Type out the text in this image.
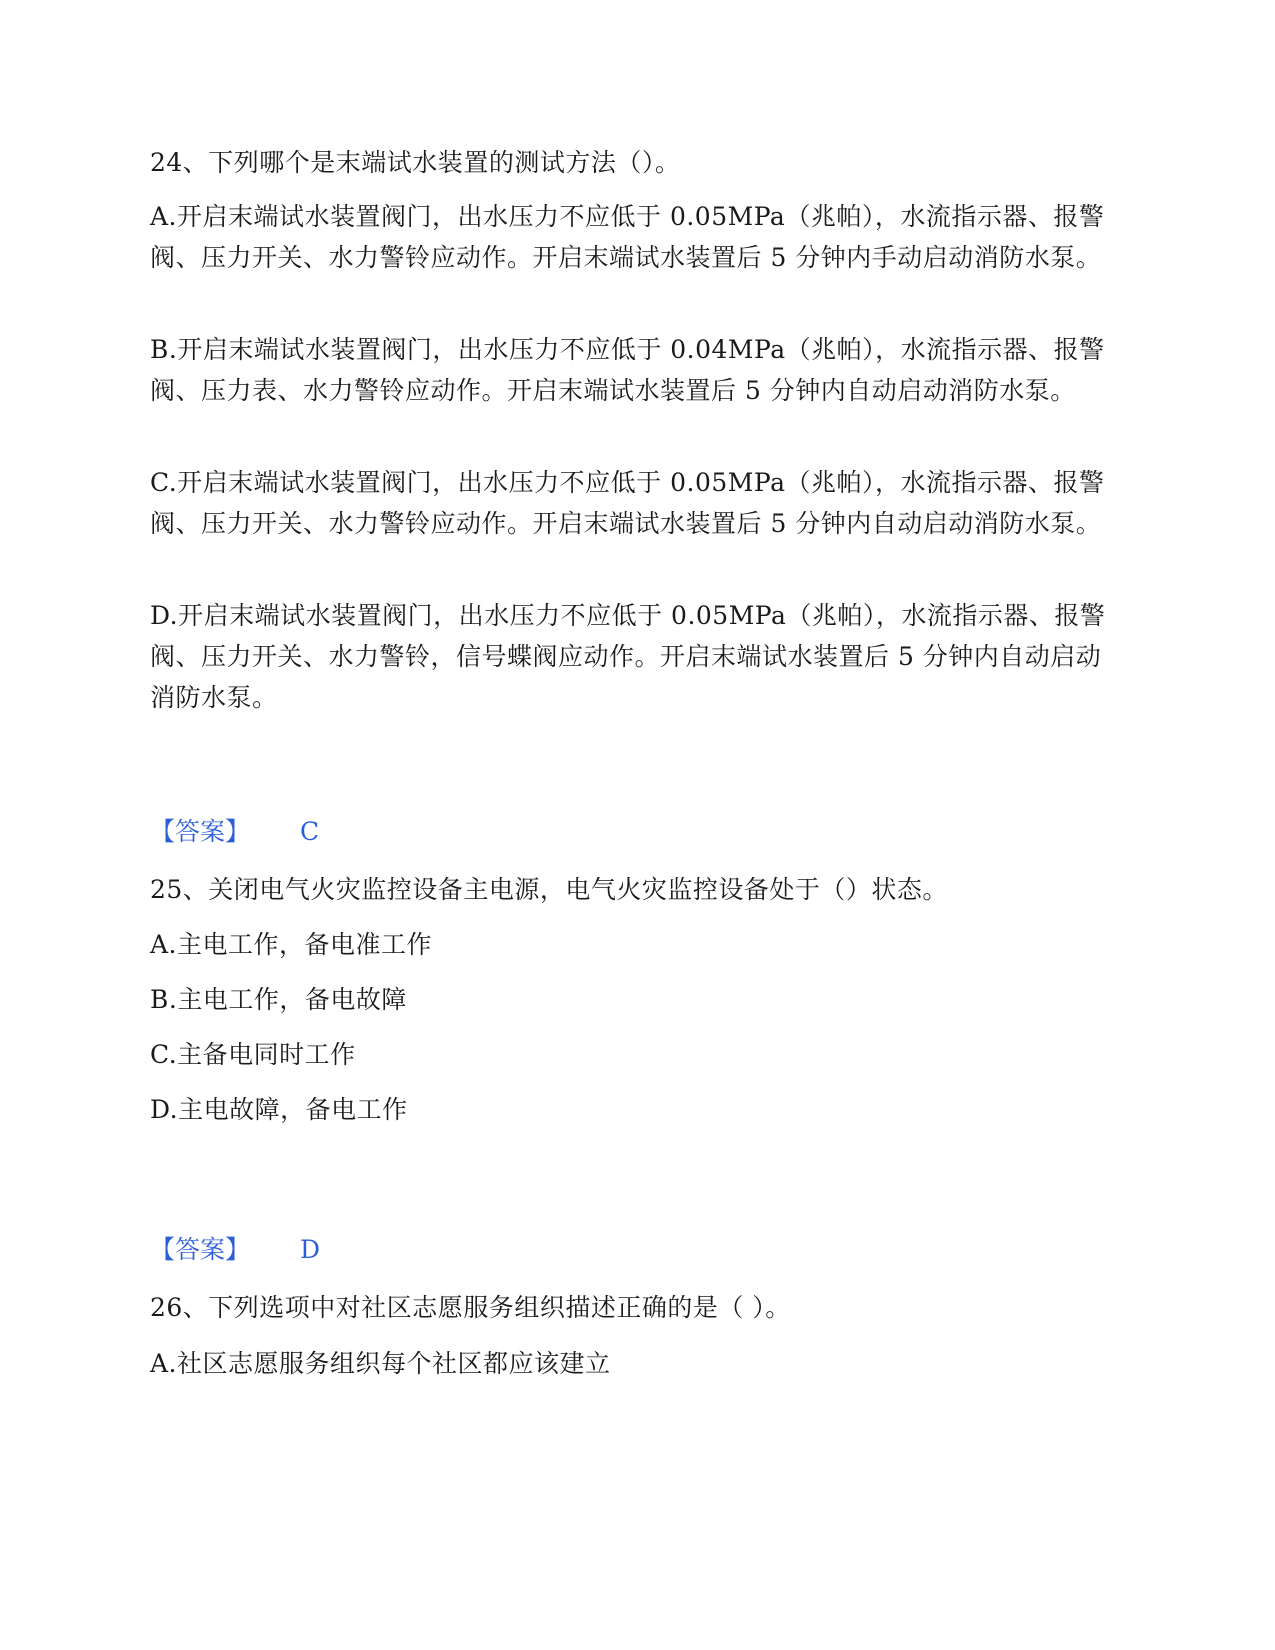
24、下列哪个是末端试水装置的测试方法（）。
A.开启末端试水装置阀门，出水压力不应低于 0.05MPa（兆帕），水流指示器、报警阀、压力开关、水力警铃应动作。开启末端试水装置后 5 分钟内手动启动消防水泵。
B.开启末端试水装置阀门，出水压力不应低于 0.04MPa（兆帕），水流指示器、报警阀、压力表、水力警铃应动作。开启末端试水装置后 5 分钟内自动启动消防水泵。
C.开启末端试水装置阀门，出水压力不应低于 0.05MPa（兆帕），水流指示器、报警阀、压力开关、水力警铃应动作。开启末端试水装置后 5 分钟内自动启动消防水泵。
D.开启末端试水装置阀门，出水压力不应低于 0.05MPa（兆帕），水流指示器、报警阀、压力开关、水力警铃，信号蝶阀应动作。开启末端试水装置后 5 分钟内自动启动消防水泵。
【答案】 C
25、关闭电气火灾监控设备主电源，电气火灾监控设备处于（）状态。
A.主电工作，备电准工作
B.主电工作，备电故障
C.主备电同时工作
D.主电故障，备电工作
【答案】 D
26、下列选项中对社区志愿服务组织描述正确的是（ ）。
A.社区志愿服务组织每个社区都应该建立
